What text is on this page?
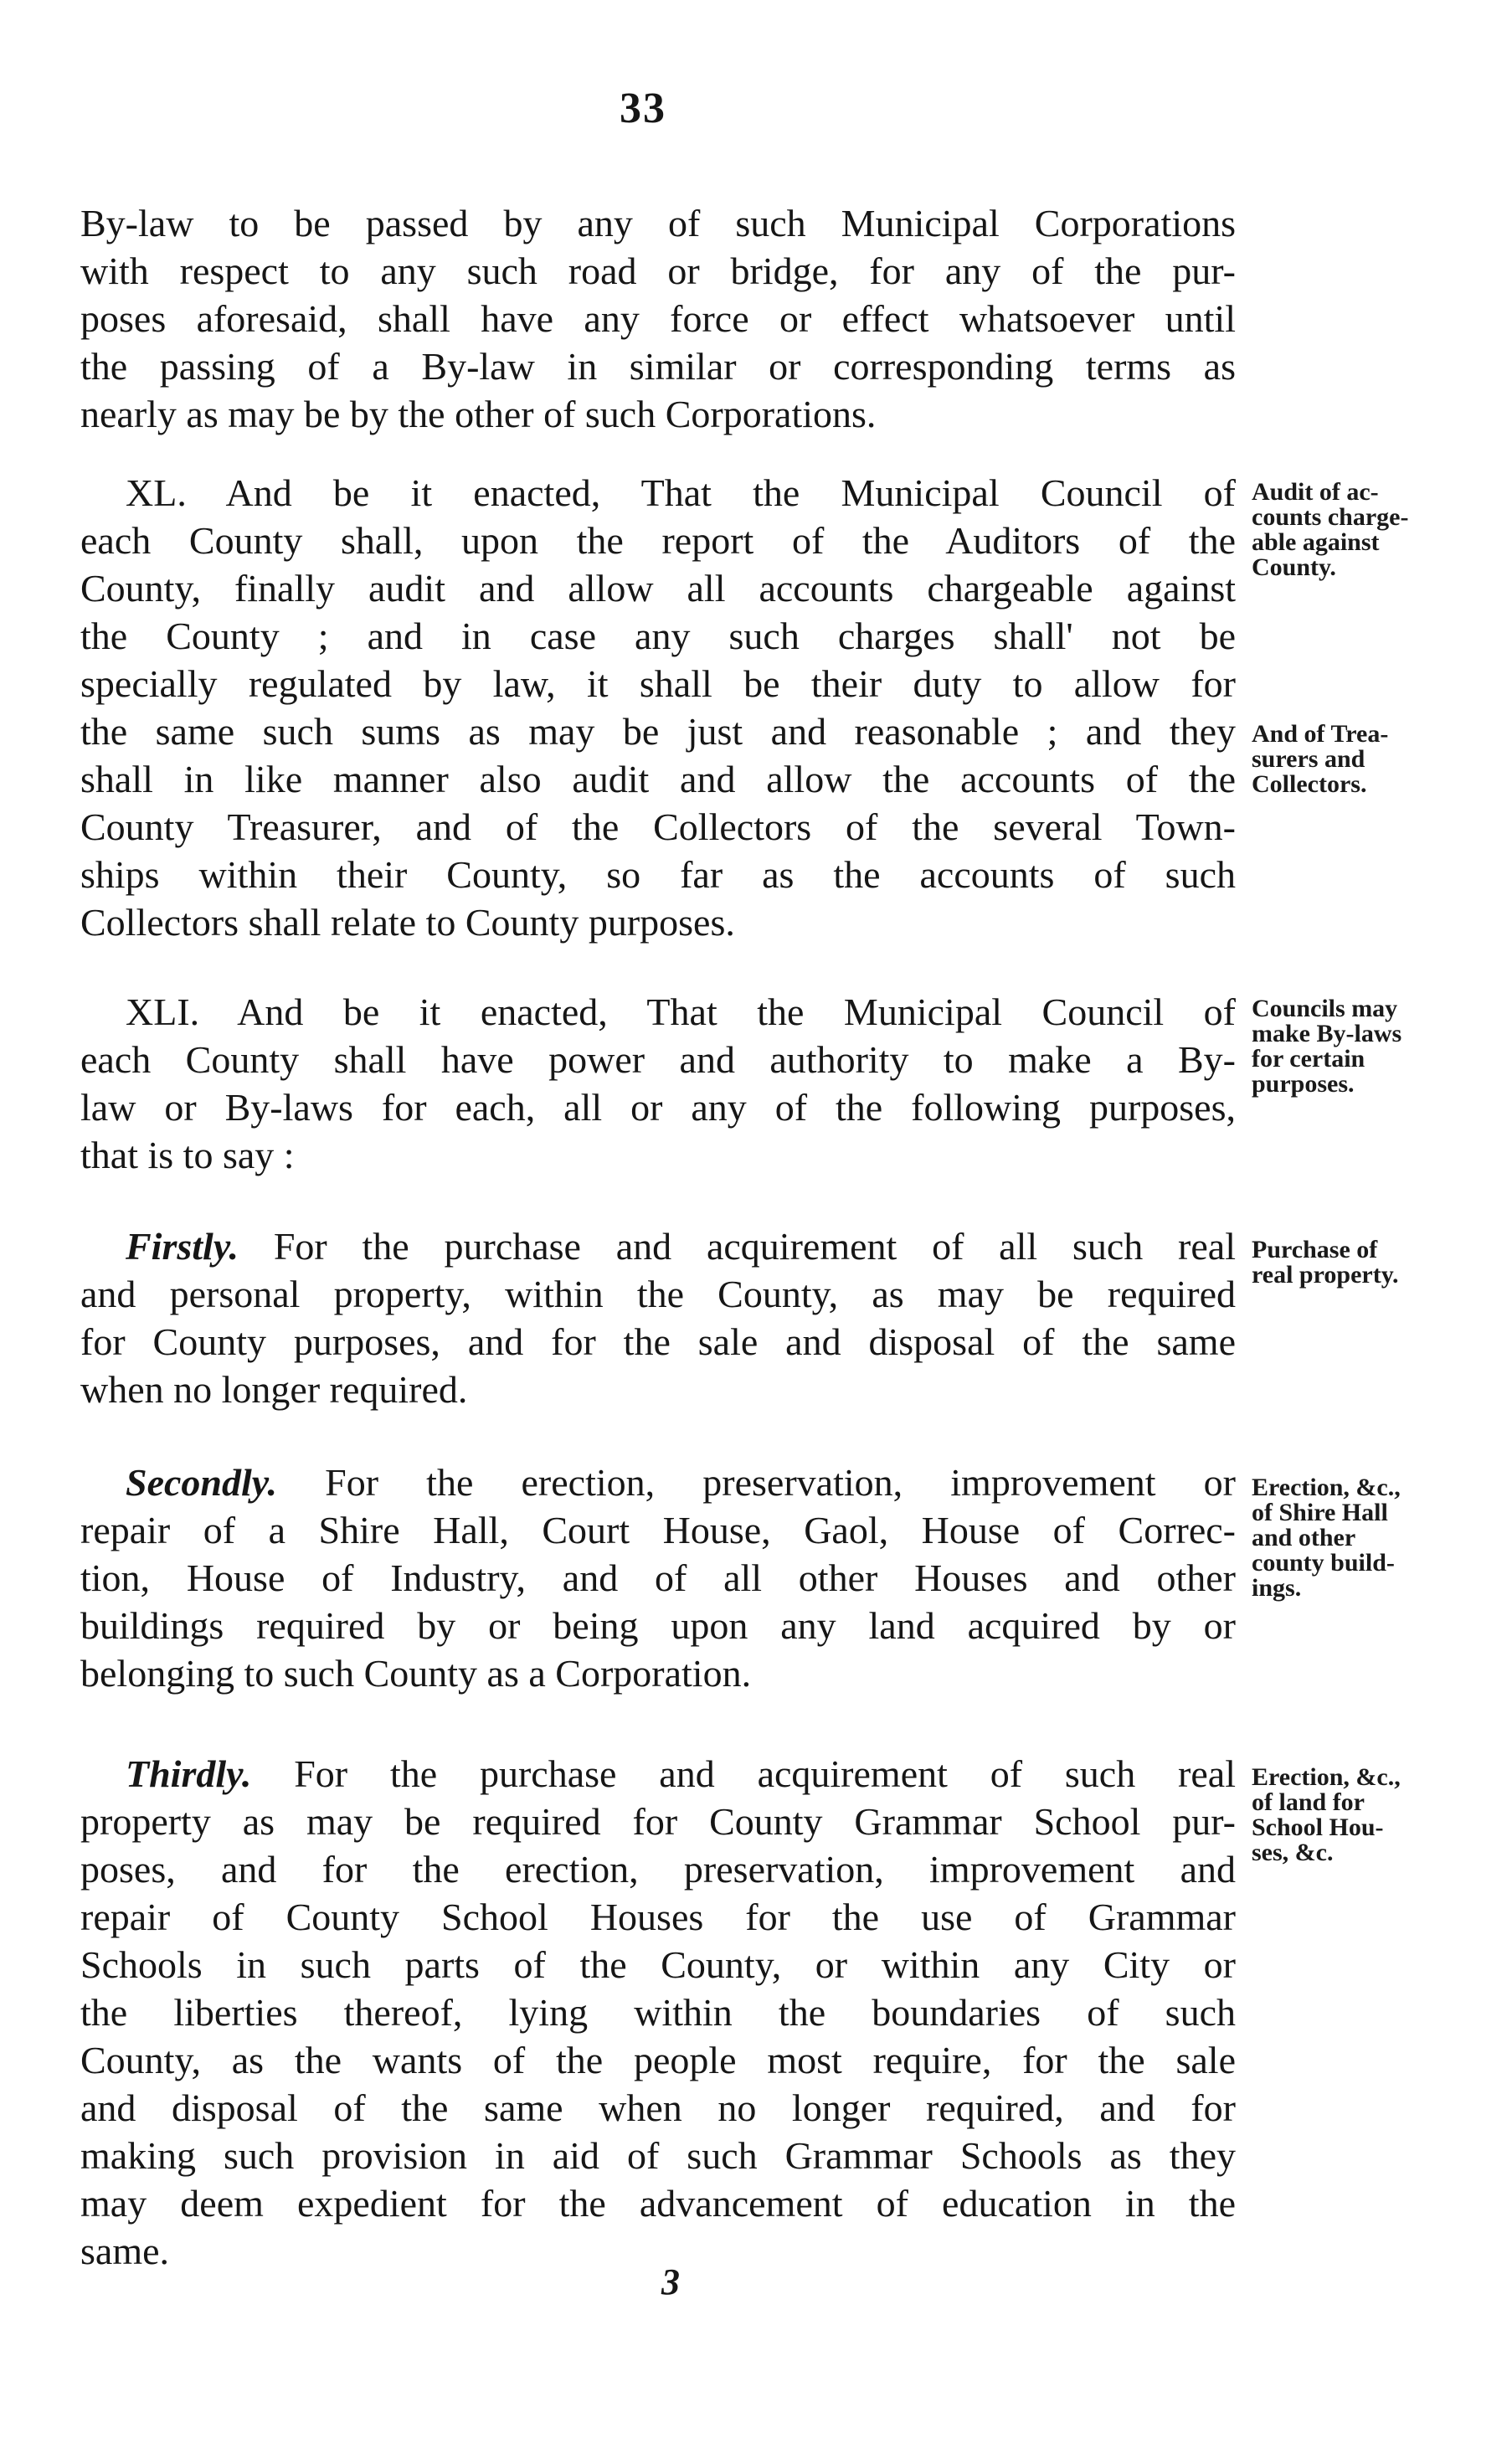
33
By-law to be passed by any of such Municipal Corporations
with respect to any such road or bridge, for any of the pur-
poses aforesaid, shall have any force or effect whatsoever until
the passing of a By-law in similar or corresponding terms as
nearly as may be by the other of such Corporations.
XL. And be it enacted, That the Municipal Council of
each County shall, upon the report of the Auditors of the
County, finally audit and allow all accounts chargeable against
the County ; and in case any such charges shall' not be
specially regulated by law, it shall be their duty to allow for
the same such sums as may be just and reasonable ; and they
shall in like manner also audit and allow the accounts of the
County Treasurer, and of the Collectors of the several Town-
ships within their County, so far as the accounts of such
Collectors shall relate to County purposes.
XLI. And be it enacted, That the Municipal Council of
each County shall have power and authority to make a By-
law or By-laws for each, all or any of the following purposes,
that is to say :
Firstly. For the purchase and acquirement of all such real
and personal property, within the County, as may be required
for County purposes, and for the sale and disposal of the same
when no longer required.
Secondly. For the erection, preservation, improvement or
repair of a Shire Hall, Court House, Gaol, House of Correc-
tion, House of Industry, and of all other Houses and other
buildings required by or being upon any land acquired by or
belonging to such County as a Corporation.
Thirdly. For the purchase and acquirement of such real
property as may be required for County Grammar School pur-
poses, and for the erection, preservation, improvement and
repair of County School Houses for the use of Grammar
Schools in such parts of the County, or within any City or
the liberties thereof, lying within the boundaries of such
County, as the wants of the people most require, for the sale
and disposal of the same when no longer required, and for
making such provision in aid of such Grammar Schools as they
may deem expedient for the advancement of education in the
same.
Audit of ac-
counts charge-
able against
County.
And of Trea-
surers and
Collectors.
Councils may
make By-laws
for certain
purposes.
Purchase of
real property.
Erection, &c.,
of Shire Hall
and other
county build-
ings.
Erection, &c.,
of land for
School Hou-
ses, &c.
3
